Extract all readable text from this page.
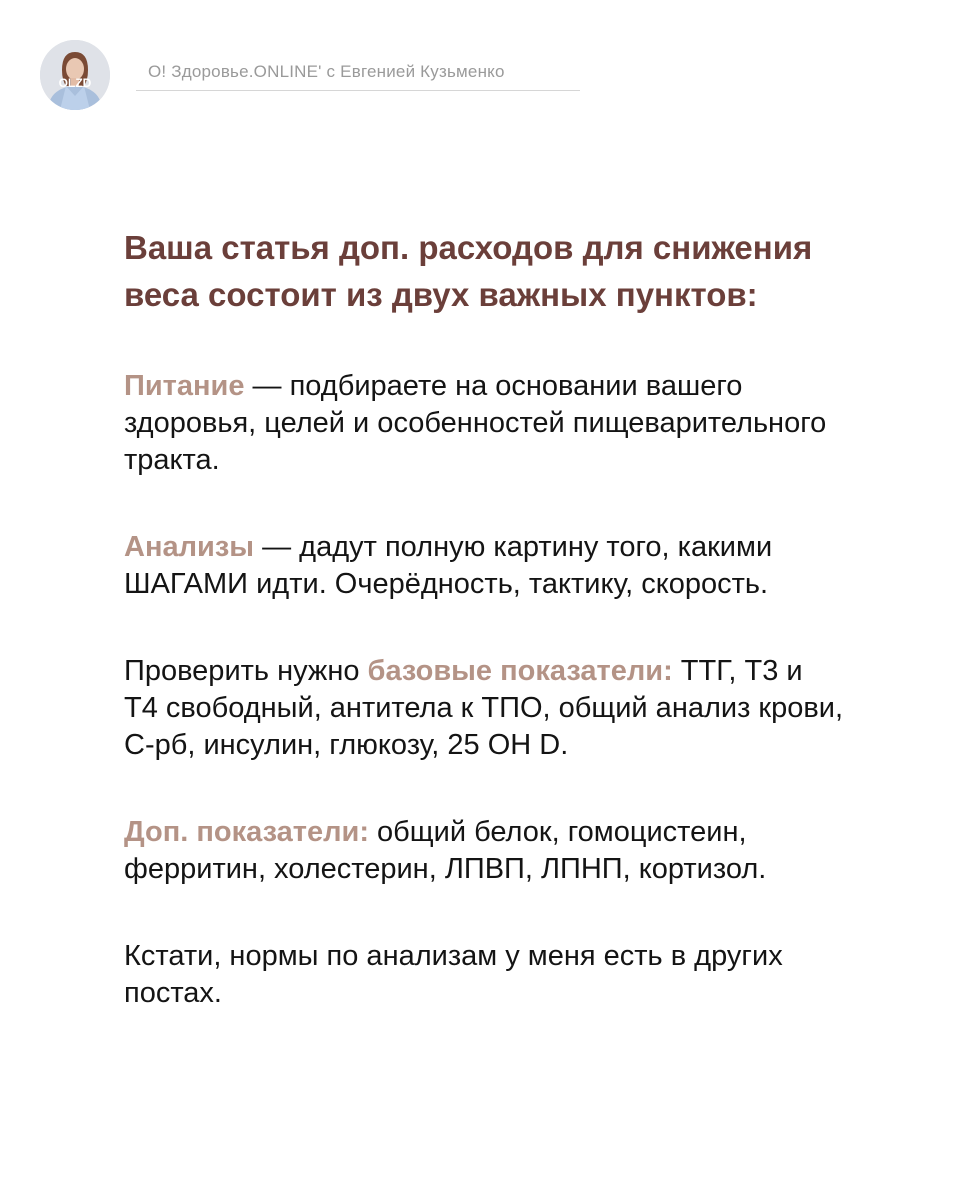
OLZD
O! Здоровье.ONLINE' с Евгенией Кузьменко
Ваша статья доп. расходов для снижения веса состоит из двух важных пунктов:

Питание — подбираете на основании вашего здоровья, целей и особенностей пищеварительного тракта.

Анализы — дадут полную картину того, какими ШАГАМИ идти. Очерёдность, тактику, скорость.

Проверить нужно базовые показатели: ТТГ, Т3 и Т4 свободный, антитела к ТПО, общий анализ крови, С-рб, инсулин, глюкозу, 25 OH D.

Доп. показатели: общий белок, гомоцистеин, ферритин, холестерин, ЛПВП, ЛПНП, кортизол.

Кстати, нормы по анализам у меня есть в других постах.
